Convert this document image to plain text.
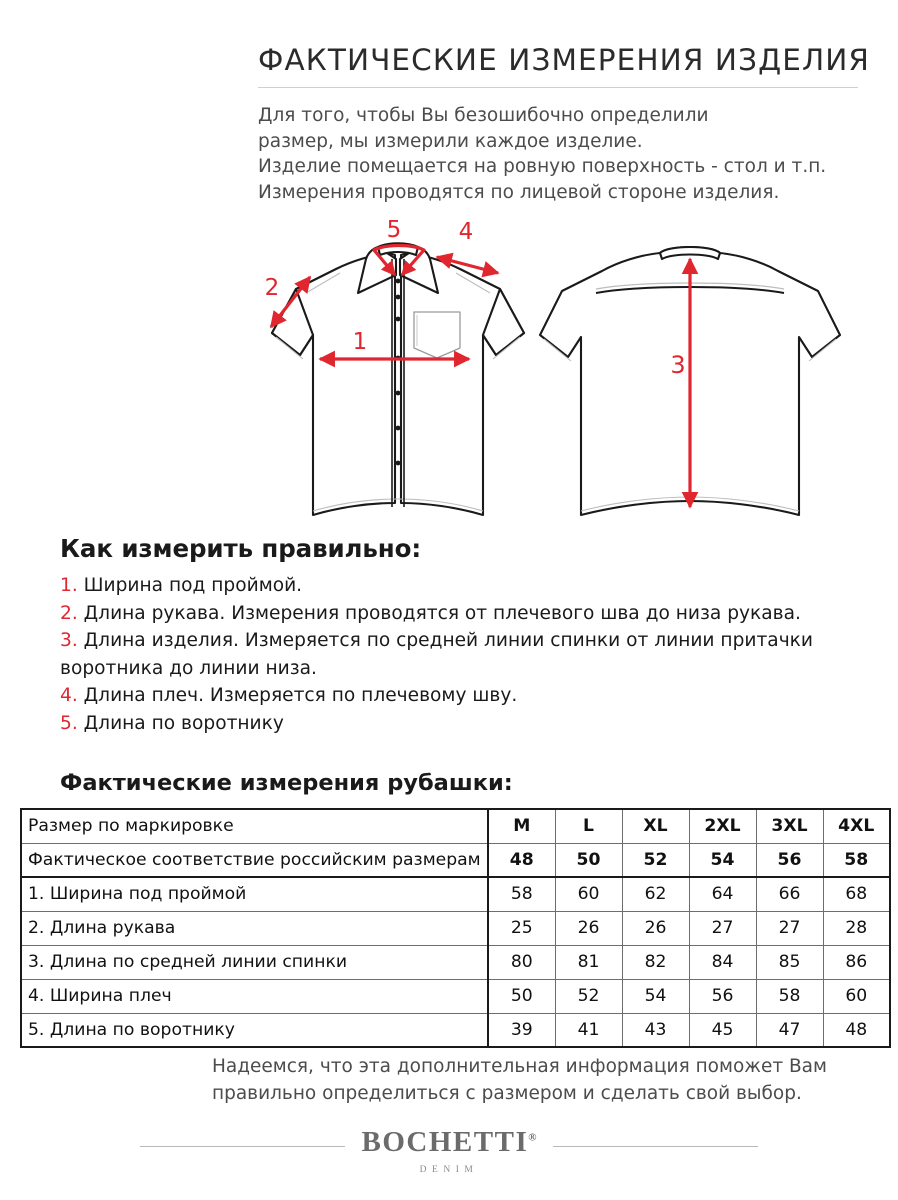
ФАКТИЧЕСКИЕ ИЗМЕРЕНИЯ ИЗДЕЛИЯ
Для того, чтобы Вы безошибочно определили
размер, мы измерили каждое изделие.
Изделие помещается на ровную поверхность - стол и т.п.
Измерения проводятся по лицевой стороне изделия.
5 4
2
1
3
Как измерить правильно:
1. Ширина под проймой.
2. Длина рукава. Измерения проводятся от плечевого шва до низа рукава.
3. Длина изделия. Измеряется по средней линии спинки от линии притачки
воротника до линии низа.
4. Длина плеч. Измеряется по плечевому шву.
5. Длина по воротнику
Фактические измерения рубашки:
Размер по маркировке	M	L	XL	2XL	3XL	4XL
Фактическое соответствие российским размерам	48	50	52	54	56	58
1. Ширина под проймой	58	60	62	64	66	68
2. Длина рукава	25	26	26	27	27	28
3. Длина по средней линии спинки	80	81	82	84	85	86
4. Ширина плеч	50	52	54	56	58	60
5. Длина по воротнику	39	41	43	45	47	48
Надеемся, что эта дополнительная информация поможет Вам
правильно определиться с размером и сделать свой выбор.
BOCHETTI®
DENIM
